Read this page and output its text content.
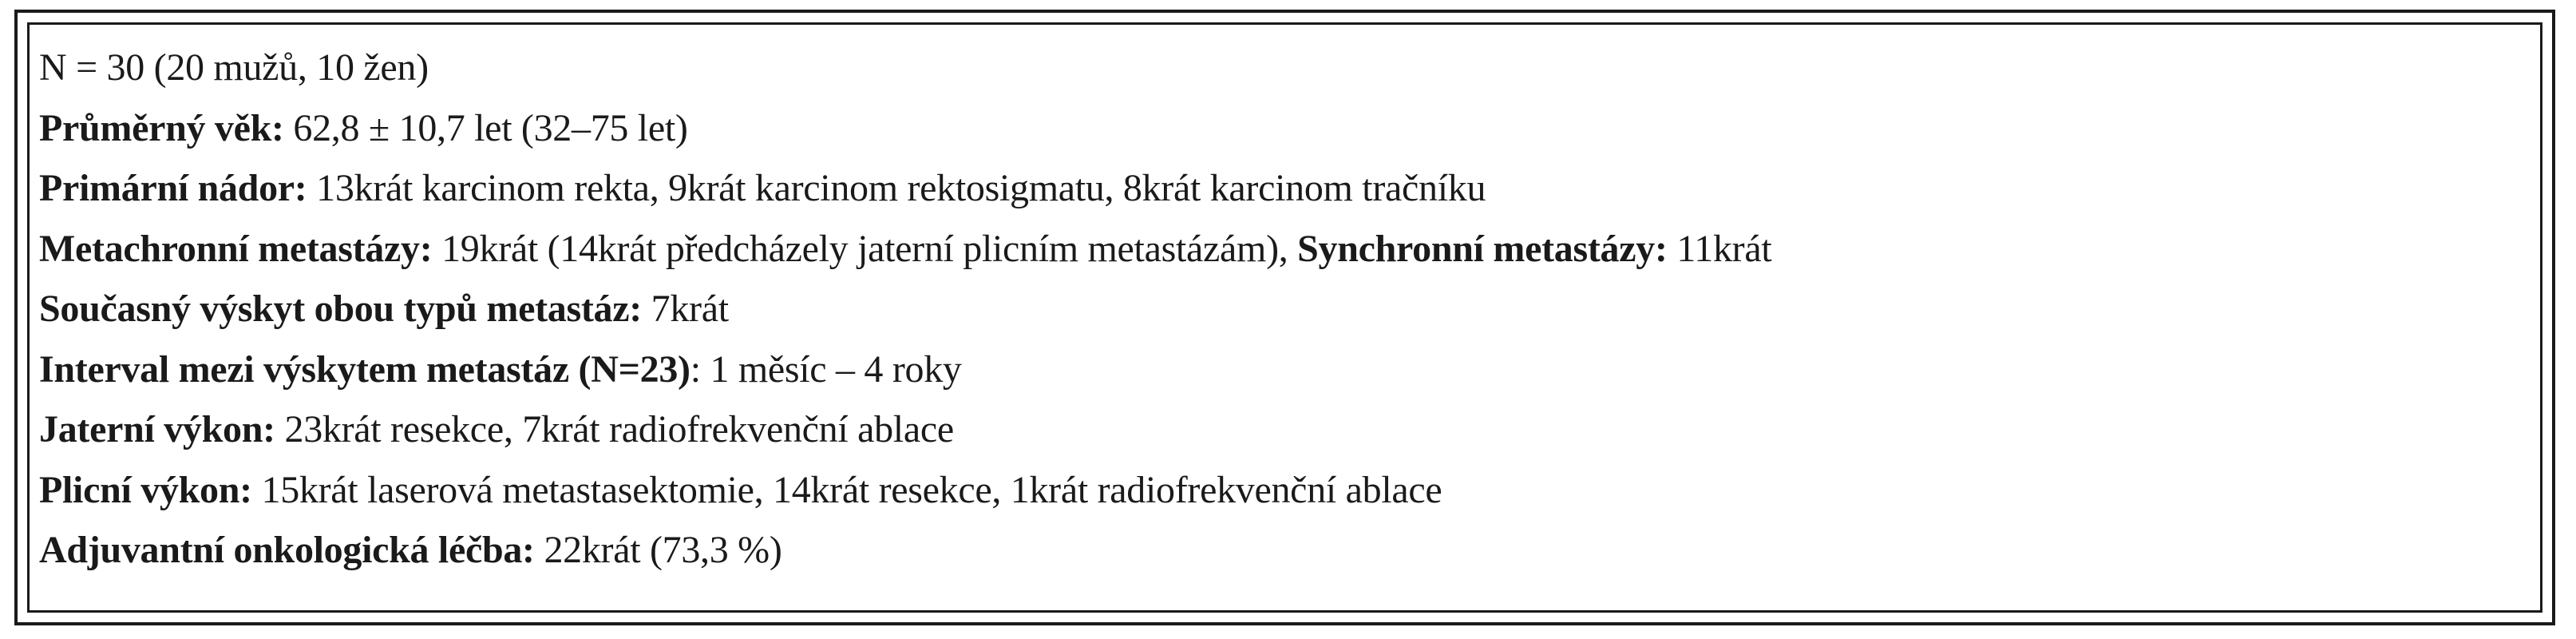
N = 30 (20 mužů, 10 žen)
Průměrný věk: 62,8 ± 10,7 let (32–75 let)
Primární nádor: 13krát karcinom rekta, 9krát karcinom rektosigmatu, 8krát karcinom tračníku
Metachronní metastázy: 19krát (14krát předcházely jaterní plicním metastázám), Synchronní metastázy: 11krát
Současný výskyt obou typů metastáz: 7krát
Interval mezi výskytem metastáz (N=23): 1 měsíc – 4 roky
Jaterní výkon: 23krát resekce, 7krát radiofrekvenční ablace
Plicní výkon: 15krát laserová metastasektomie, 14krát resekce, 1krát radiofrekvenční ablace
Adjuvantní onkologická léčba: 22krát (73,3 %)
